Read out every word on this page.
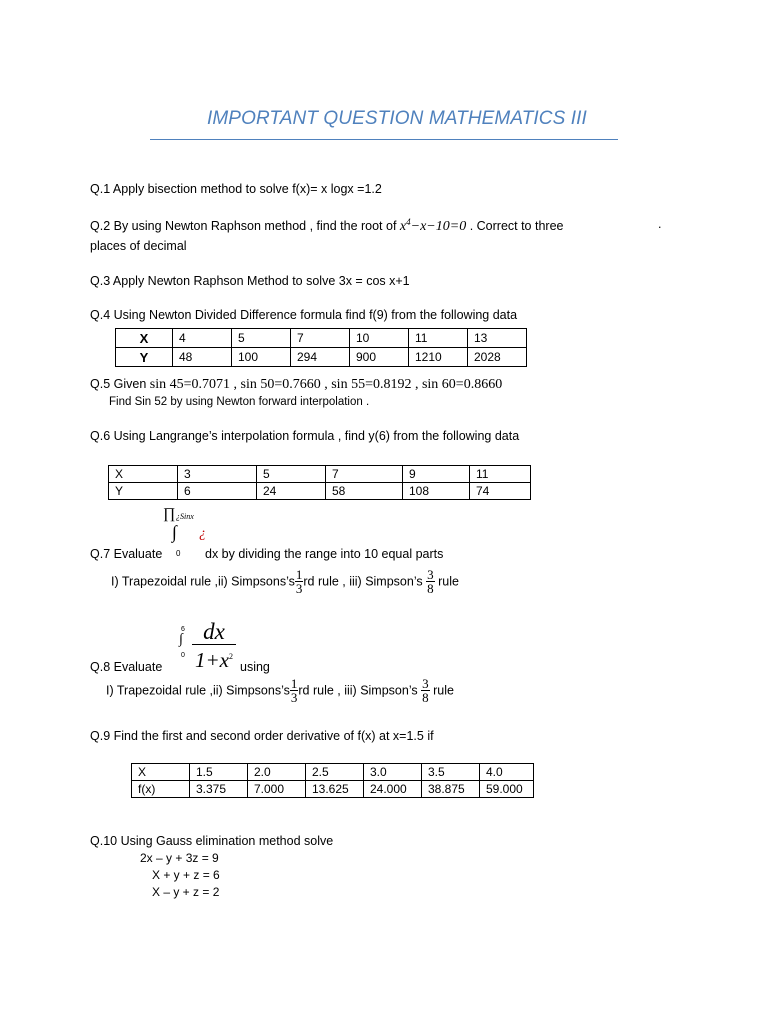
IMPORTANT QUESTION MATHEMATICS III
Q.1 Apply bisection method to solve f(x)= x logx =1.2
Q.2 By using Newton Raphson method , find the root of $x^4-x-10=0$ . Correct to three	.
places of decimal
Q.3 Apply Newton Raphson Method to solve 3x = cos x+1
Q.4 Using Newton Divided Difference formula find f(9) from the following data
X	4	5	7	10	11	13
Y	48	100	294	900	1210	2028
Q.5 Given sin 45=0.7071 , sin 50=0.7660 , sin 55=0.8192 , sin 60=0.8660
Find Sin 52 by using Newton forward interpolation .
Q.6 Using Langrange’s interpolation formula , find y(6) from the following data
X	3	5	7	9	11
Y	6	24	58	108	74
∏ ¿Sinx
∫ ¿
0
Q.7 Evaluate	dx by dividing the range into 10 equal parts
I) Trapezoidal rule ,ii) Simpsons’s $\frac{1}{3}$ rd rule , iii) Simpson’s $\frac{3}{8}$ rule
6
∫
$0 \frac{dx}{1+x^2}$
Q.8 Evaluate	using
I) Trapezoidal rule ,ii) Simpsons’s $\frac{1}{3}$ rd rule , iii) Simpson’s $\frac{3}{8}$ rule
Q.9 Find the first and second order derivative of f(x) at x=1.5 if
X	1.5	2.0	2.5	3.0	3.5	4.0
f(x)	3.375	7.000	13.625	24.000	38.875	59.000
Q.10 Using Gauss elimination method solve
2x – y + 3z = 9
X + y + z = 6
X – y + z = 2
